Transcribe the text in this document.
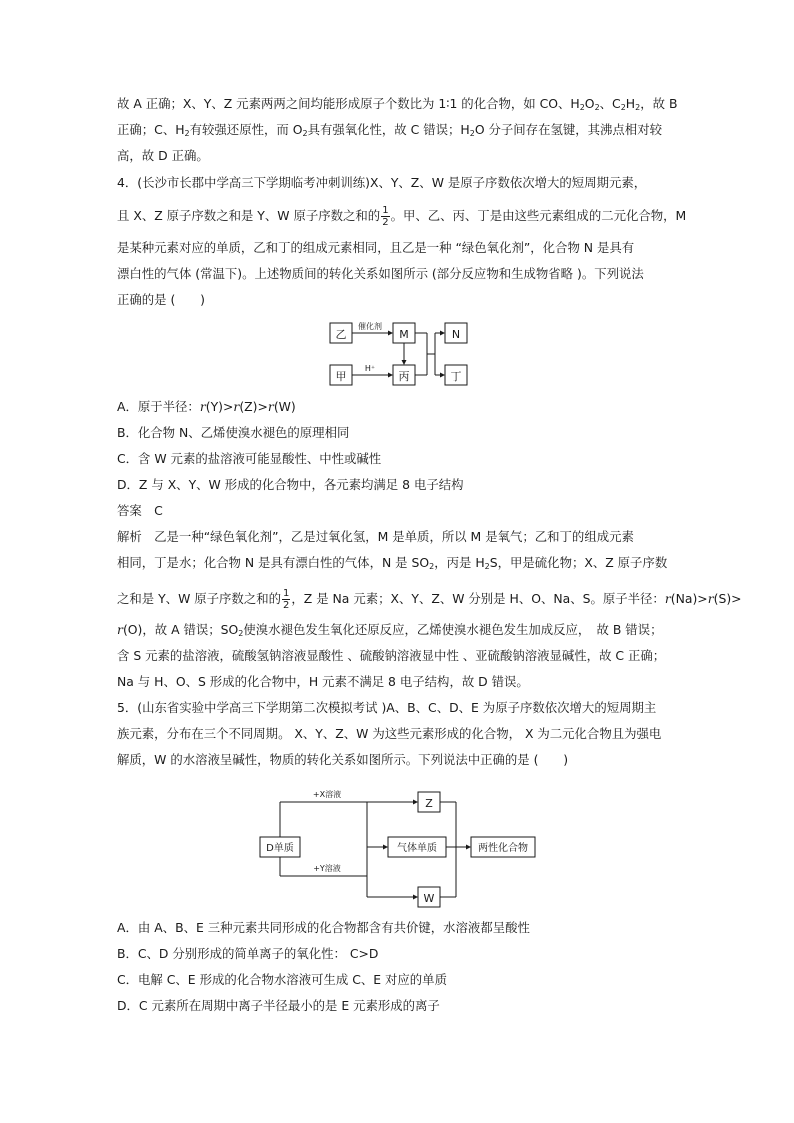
故 A 正确；X、Y、Z 元素两两之间均能形成原子个数比为 1∶1 的化合物，如 CO、$H_2O_2$、$C_2H_2$，故 B
正确；C、$H_2$有较强还原性，而 $O_2$具有强氧化性，故 C 错误；$H_2O$ 分子间存在氢键，其沸点相对较
高，故 D 正确。
4．(长沙市长郡中学高三下学期临考冲刺训练)X、Y、Z、W 是原子序数依次增大的短周期元素，
且 X、Z 原子序数之和是 Y、W 原子序数之和的 $\frac{1}{2}$ 。甲、乙、丙、丁是由这些元素组成的二元化合物，M
是某种元素对应的单质，乙和丁的组成元素相同，且乙是一种 “绿色氧化剂”，化合物 N 是具有
漂白性的气体 (常温下)。上述物质间的转化关系如图所示 (部分反应物和生成物省略 )。下列说法
正确的是 (　　)
乙	M	N
甲	丙	丁
催化剂
H⁺
A．原于半径：r(Y)>r(Z)>r(W)
B．化合物 N、乙烯使溴水褪色的原理相同
C．含 W 元素的盐溶液可能显酸性、中性或碱性
D．Z 与 X、Y、W 形成的化合物中，各元素均满足 8 电子结构
答案　C
解析　乙是一种“绿色氧化剂”，乙是过氧化氢，M 是单质，所以 M 是氧气；乙和丁的组成元素
相同，丁是水；化合物 N 是具有漂白性的气体，N 是 $SO_2$，丙是 $H_2S$，甲是硫化物；X、Z 原子序数
之和是 Y、W 原子序数之和的 $\frac{1}{2}$ ，Z 是 Na 元素；X、Y、Z、W 分别是 H、O、Na、S。原子半径：r(Na)>r(S)>
r(O)，故 A 错误；$SO_2$使溴水褪色发生氧化还原反应，乙烯使溴水褪色发生加成反应，　故 B 错误；
含 S 元素的盐溶液，硫酸氢钠溶液显酸性 、硫酸钠溶液显中性 、亚硫酸钠溶液显碱性，故 C 正确；
Na 与 H、O、S 形成的化合物中，H 元素不满足 8 电子结构，故 D 错误。
5．(山东省实验中学高三下学期第二次模拟考试 )A、B、C、D、E 为原子序数依次增大的短周期主
族元素，分布在三个不同周期。 X、Y、Z、W 为这些元素形成的化合物， X 为二元化合物且为强电
解质，W 的水溶液呈碱性，物质的转化关系如图所示。下列说法中正确的是 (　　)
D单质
Z
气体单质
W
两性化合物
+X溶液
+Y溶液
A．由 A、B、E 三种元素共同形成的化合物都含有共价键，水溶液都呈酸性
B．C、D 分别形成的简单离子的氧化性： C>D
C．电解 C、E 形成的化合物水溶液可生成 C、E 对应的单质
D．C 元素所在周期中离子半径最小的是 E 元素形成的离子
